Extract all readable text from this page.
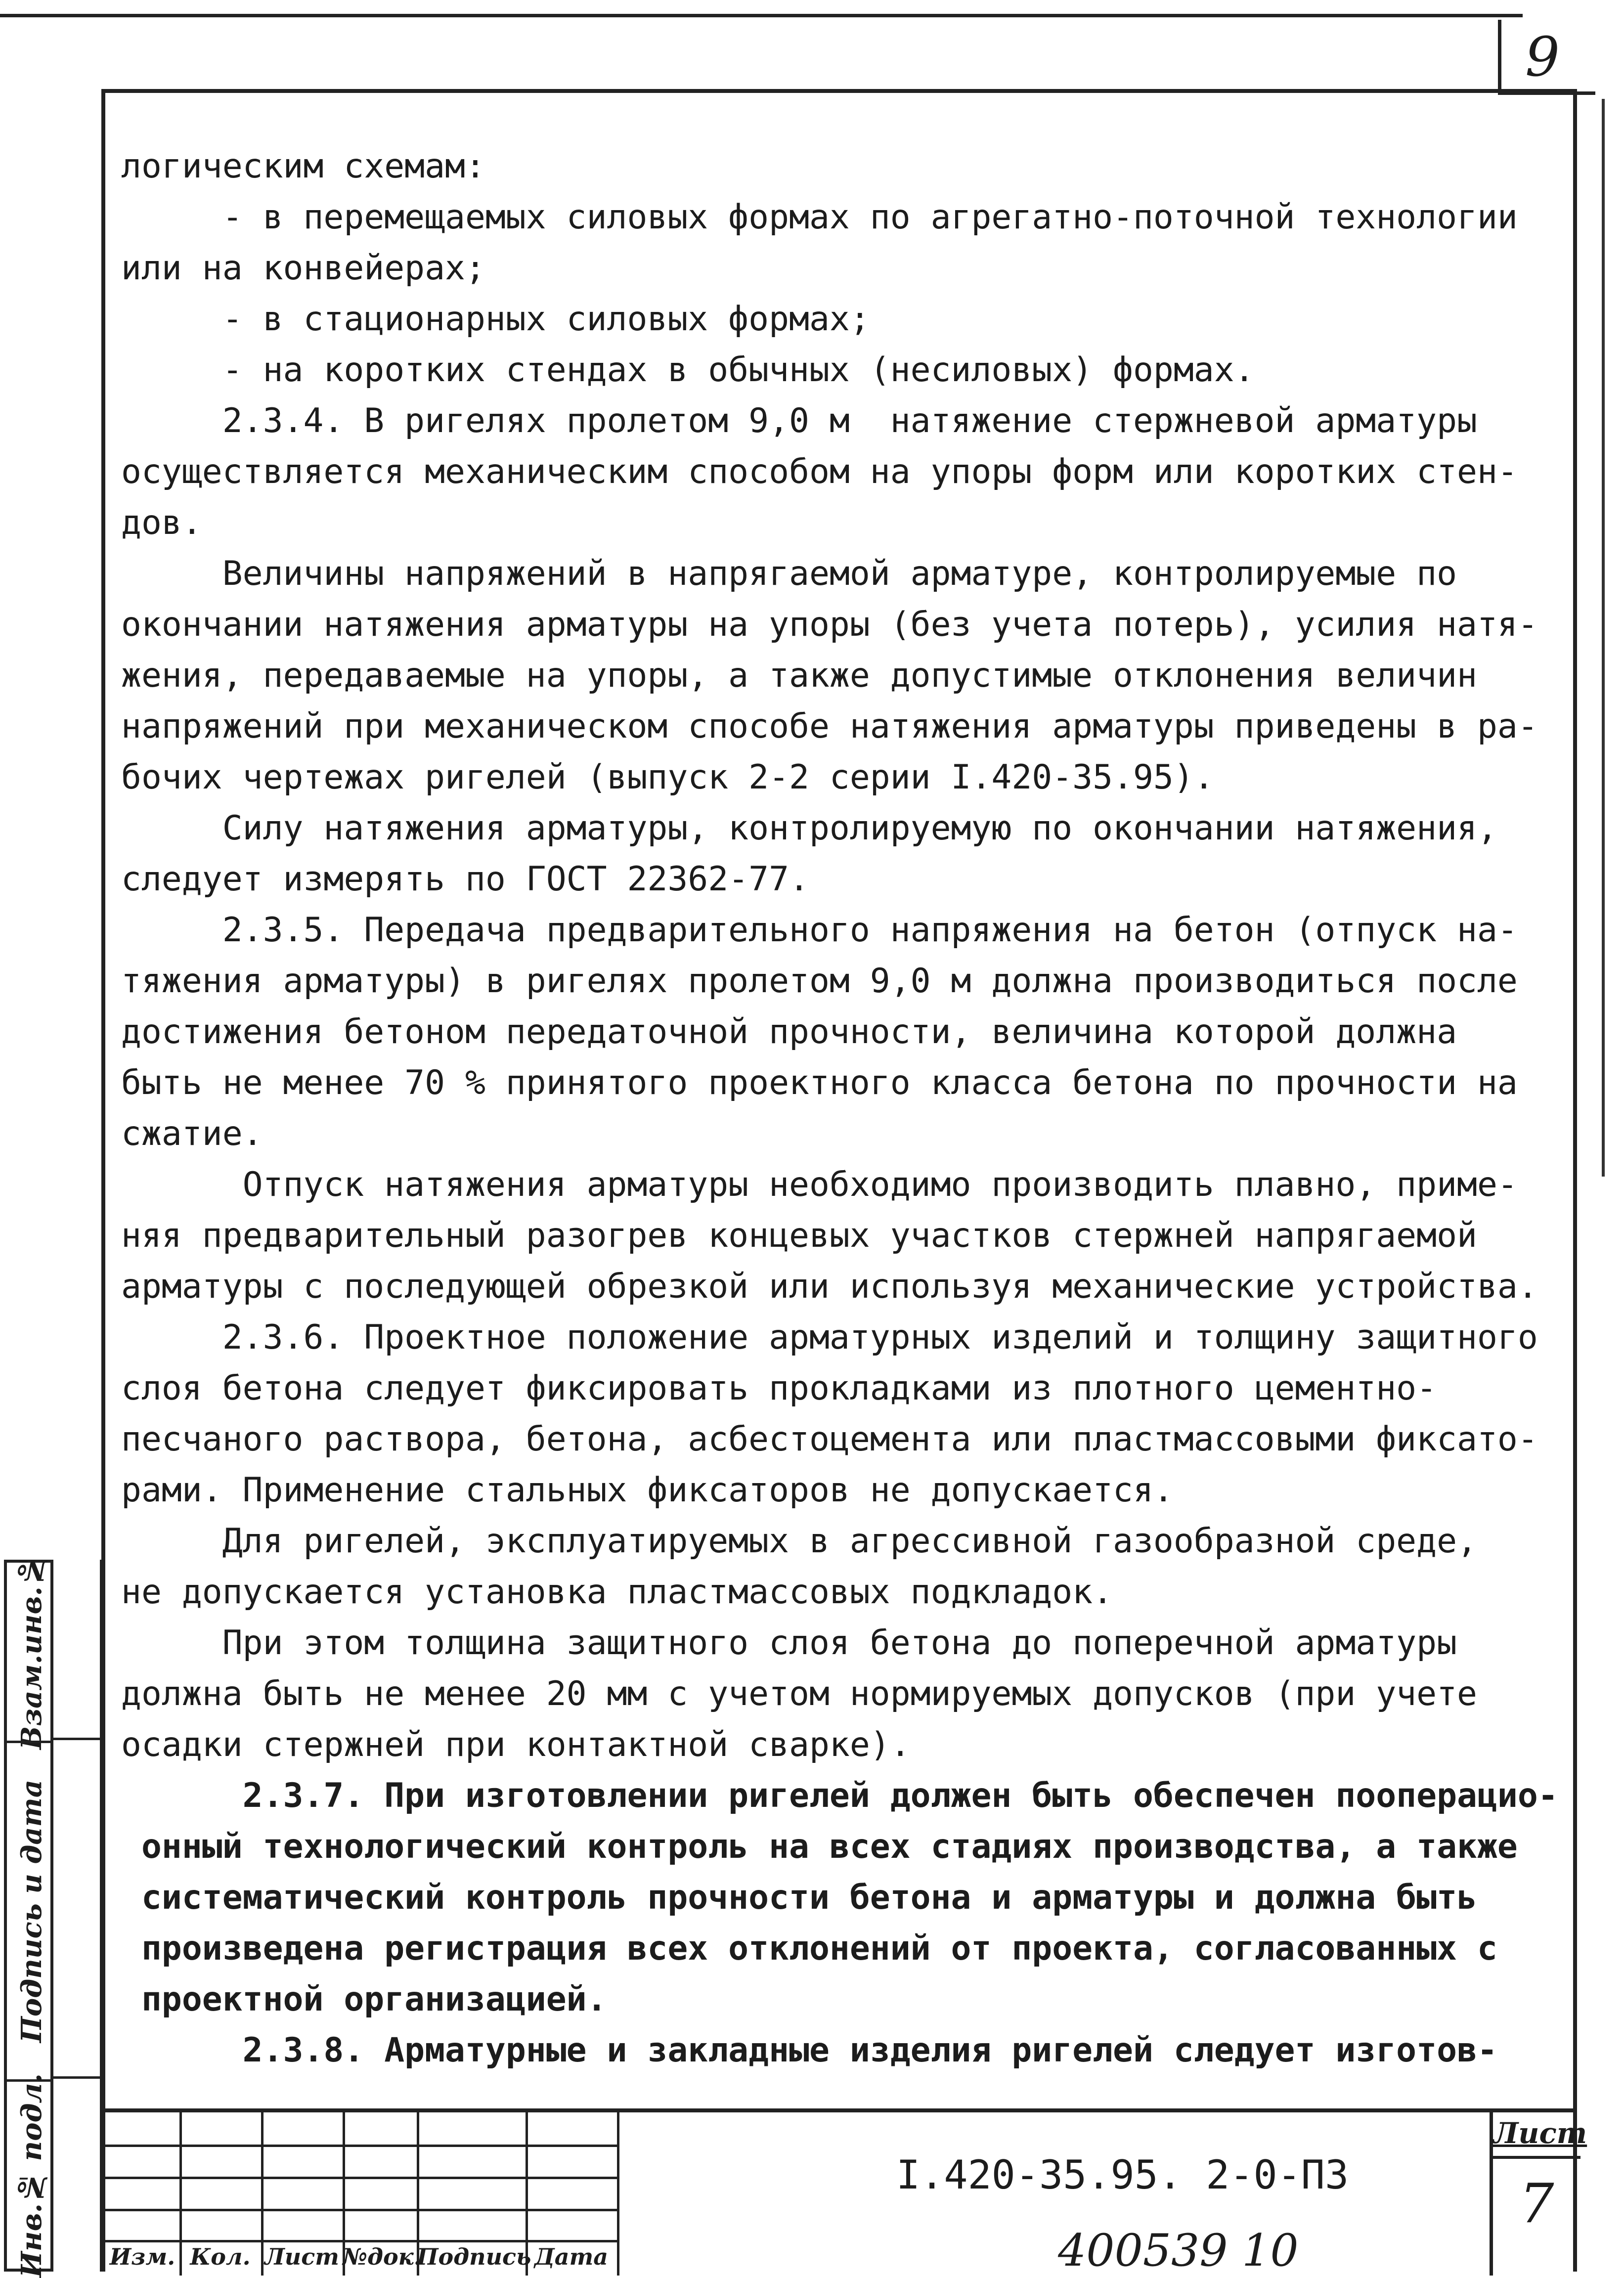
9
логическим схемам:
- в перемещаемых силовых формах по агрегатно-поточной технологии
или на конвейерах;
- в стационарных силовых формах;
- на коротких стендах в обычных (несиловых) формах.
2.3.4. В ригелях пролетом 9,0 м  натяжение стержневой арматуры
осуществляется механическим способом на упоры форм или коротких стен-
дов.
Величины напряжений в напрягаемой арматуре, контролируемые по
окончании натяжения арматуры на упоры (без учета потерь), усилия натя-
жения, передаваемые на упоры, а также допустимые отклонения величин
напряжений при механическом способе натяжения арматуры приведены в ра-
бочих чертежах ригелей (выпуск 2-2 серии I.420-35.95).
Силу натяжения арматуры, контролируемую по окончании натяжения,
следует измерять по ГОСТ 22362-77.
2.3.5. Передача предварительного напряжения на бетон (отпуск на-
тяжения арматуры) в ригелях пролетом 9,0 м должна производиться после
достижения бетоном передаточной прочности, величина которой должна
быть не менее 70 % принятого проектного класса бетона по прочности на
сжатие.
Отпуск натяжения арматуры необходимо производить плавно, приме-
няя предварительный разогрев концевых участков стержней напрягаемой
арматуры с последующей обрезкой или используя механические устройства.
2.3.6. Проектное положение арматурных изделий и толщину защитного
слоя бетона следует фиксировать прокладками из плотного цементно-
песчаного раствора, бетона, асбестоцемента или пластмассовыми фиксато-
рами. Применение стальных фиксаторов не допускается.
Для ригелей, эксплуатируемых в агрессивной газообразной среде,
не допускается установка пластмассовых подкладок.
При этом толщина защитного слоя бетона до поперечной арматуры
должна быть не менее 20 мм с учетом нормируемых допусков (при учете
осадки стержней при контактной сварке).
2.3.7. При изготовлении ригелей должен быть обеспечен пооперацио-
онный технологический контроль на всех стадиях производства, а также
систематический контроль прочности бетона и арматуры и должна быть
произведена регистрация всех отклонений от проекта, согласованных с
проектной организацией.
2.3.8. Арматурные и закладные изделия ригелей следует изготов-
Взам.инв.№
Подпись и дата
Инв.№ подл.	Изм. Кол. Лист №док.
Подпись Дата
I.420-35.95. 2-0-ПЗ
Лист
7
400539 10
